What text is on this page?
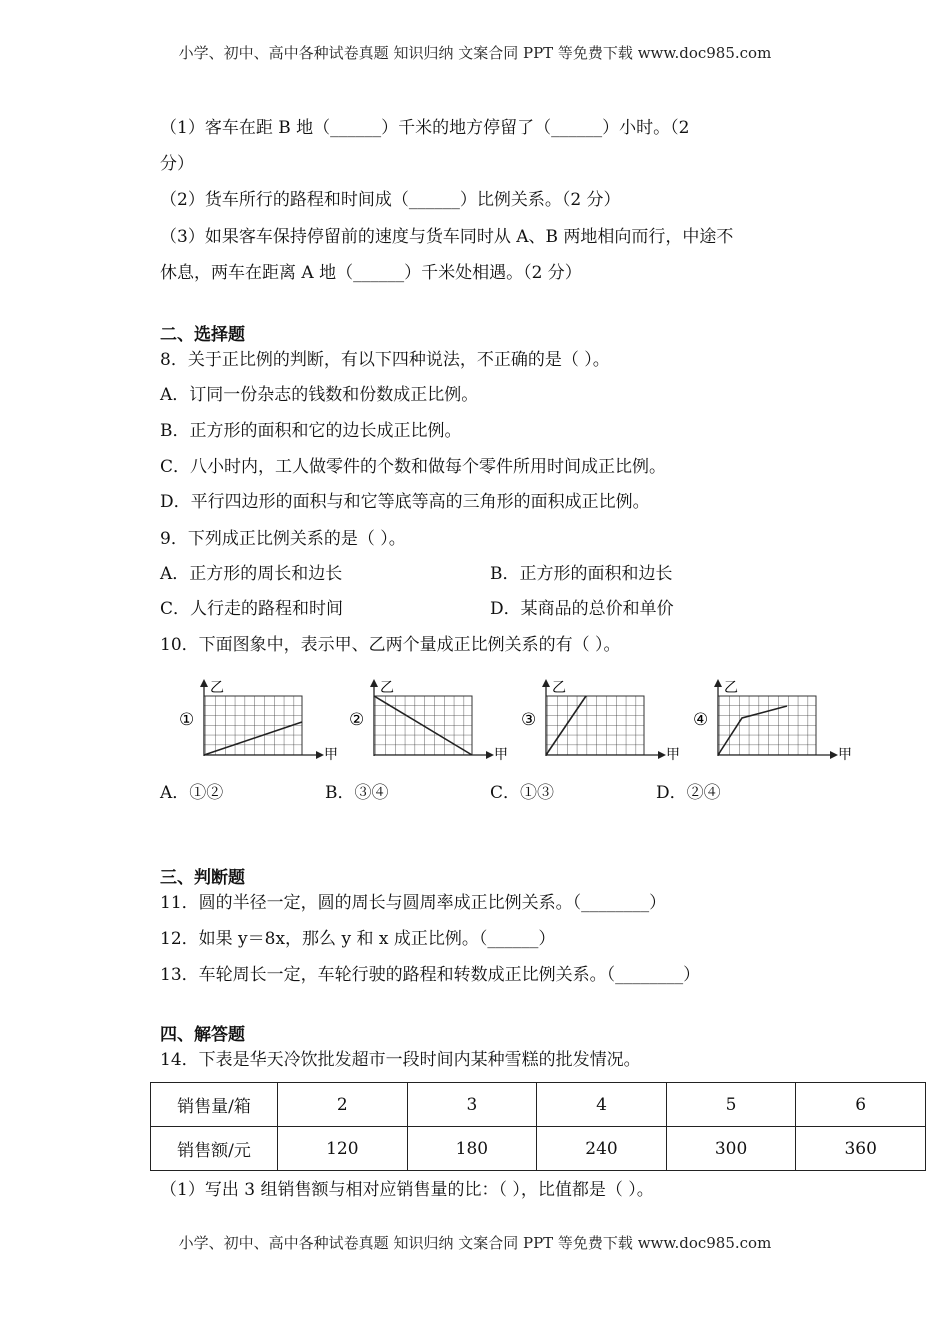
小学、初中、高中各种试卷真题 知识归纳 文案合同 PPT 等免费下载 www.doc985.com
（1）客车在距 B 地（______）千米的地方停留了（______）小时。（2
分）
（2）货车所行的路程和时间成（______）比例关系。（2 分）
（3）如果客车保持停留前的速度与货车同时从 A、B 两地相向而行，中途不
休息，两车在距离 A 地（______）千米处相遇。（2 分）
二、选择题
8．关于正比例的判断，有以下四种说法，不正确的是（ ）。
A．订同一份杂志的钱数和份数成正比例。
B．正方形的面积和它的边长成正比例。
C．八小时内，工人做零件的个数和做每个零件所用时间成正比例。
D．平行四边形的面积与和它等底等高的三角形的面积成正比例。
9．下列成正比例关系的是（ ）。
A．正方形的周长和边长	B．正方形的面积和边长
C．人行走的路程和时间	D．某商品的总价和单价
10．下面图象中，表示甲、乙两个量成正比例关系的有（ ）。
①
乙
甲
②
乙
甲
③
乙
甲
④
乙
甲
A．①②	B．③④	C．①③	D．②④
三、判断题
11．圆的半径一定，圆的周长与圆周率成正比例关系。（________）
12．如果 y＝8x，那么 y 和 x 成正比例。（______）
13．车轮周长一定，车轮行驶的路程和转数成正比例关系。（________）
四、解答题
14．下表是华天冷饮批发超市一段时间内某种雪糕的批发情况。
销售量/箱	2	3	4	5	6
销售额/元	120	180	240	300	360
（1）写出 3 组销售额与相对应销售量的比：（ ），比值都是（ ）。
小学、初中、高中各种试卷真题 知识归纳 文案合同 PPT 等免费下载 www.doc985.com
